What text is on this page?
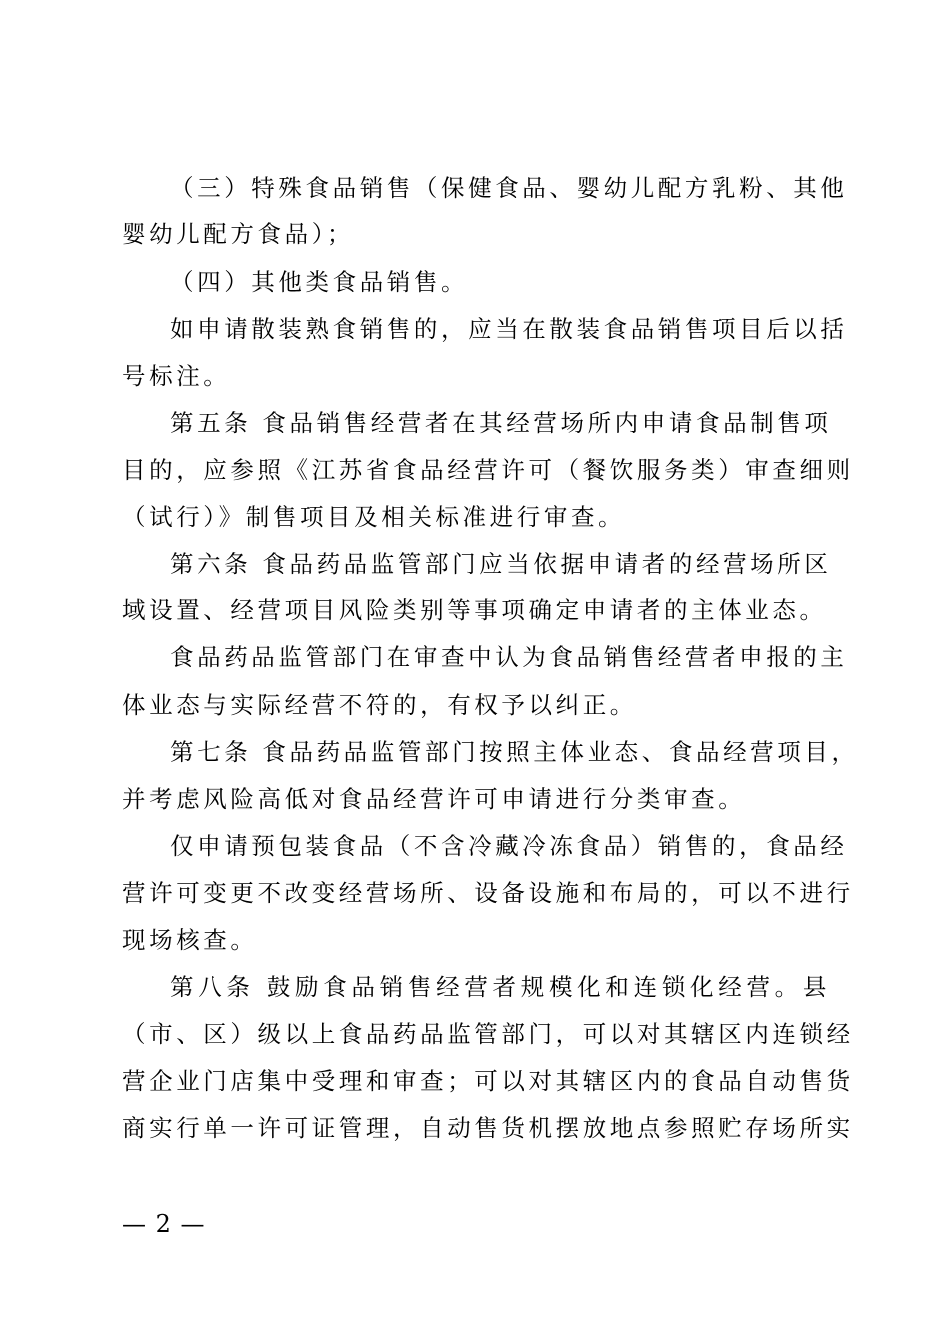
（三）特殊食品销售（保健食品、婴幼儿配方乳粉、其他
婴幼儿配方食品）；
（四）其他类食品销售。
如申请散装熟食销售的，应当在散装食品销售项目后以括
号标注。
第五条 食品销售经营者在其经营场所内申请食品制售项
目的，应参照《江苏省食品经营许可（餐饮服务类）审查细则
（试行）》制售项目及相关标准进行审查。
第六条 食品药品监管部门应当依据申请者的经营场所区
域设置、经营项目风险类别等事项确定申请者的主体业态。
食品药品监管部门在审查中认为食品销售经营者申报的主
体业态与实际经营不符的，有权予以纠正。
第七条 食品药品监管部门按照主体业态、食品经营项目，
并考虑风险高低对食品经营许可申请进行分类审查。
仅申请预包装食品（不含冷藏冷冻食品）销售的，食品经
营许可变更不改变经营场所、设备设施和布局的，可以不进行
现场核查。
第八条 鼓励食品销售经营者规模化和连锁化经营。县
（市、区）级以上食品药品监管部门，可以对其辖区内连锁经
营企业门店集中受理和审查；可以对其辖区内的食品自动售货
商实行单一许可证管理，自动售货机摆放地点参照贮存场所实
— 2 —
